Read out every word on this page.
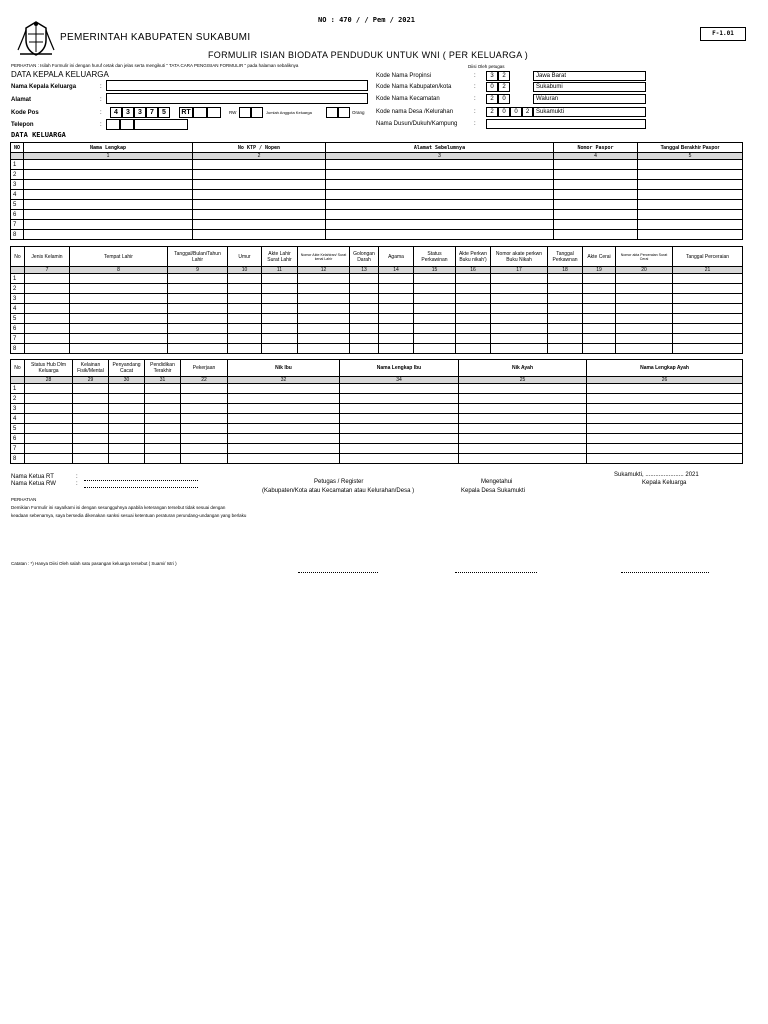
NO : 470 / / Pem / 2021
F-1.01
PEMERINTAH KABUPATEN SUKABUMI
FORMULIR ISIAN BIODATA PENDUDUK UNTUK WNI ( PER KELUARGA )
PERHATIAN : Isilah Formulir ini dengan huruf cetak dan jelas serta mengikuti " TATA CARA PENGISIAN FORMULIR " pada halaman sebaliknya	Diisi Oleh petugas
DATA KEPALA KELUARGA
Nama Kepala Keluarga	:
Alamat	:
Kode Pos	:	4	3	3	7	5	RT	RW	Jumlah Anggota Keluarga	Orang
Telepon	:
Kode Nama Propinsi	:	3	2	Jawa Barat
Kode Nama Kabupaten/kota	:	0	2	Sukabumi
Kode Nama Kecamatan	:	2	0	Waluran
Kode nama Desa /Kelurahan	:	2	0	0	2	Sukamukti
Nama Dusun/Dukuh/Kampung	:
DATA KELUARGA
NO	Nama Lengkap	No KTP / Nopen	Alamat Sebelumnya	Nomor Paspor	Tanggal Berakhir Paspor
	1	2	3	4	5
1					
2					
3					
4					
5					
6					
7					
8					
No	Jenis Kelamin	Tempat Lahir	Tanggal/Bulan/Tahun Lahir	Umur	Akte Lahir Surat Lahir	Nomor Akte Kelahiran/ Surat kenal Lahir	Golongan Darah	Agama	Status Perkawinan	Akte Perkwn Buku nikah')	Nomor akate perkwn Buku Nikah	Tanggal Perkawnan	Akte Cerai	Nomor akta Perceraian Surat Cerai	Tanggal Perceraian
	7	8	9	10	11	12	13	14	15	16	17	18	19	20	21
1	

2	

3	

4	

5	

6	

7	

8	

No	Status Hub Dlm Keluarga	Kelainan Fisik/Mental	Penyandang Cacat	Pendidikan Terakhir	Pekerjaan	Nik Ibu	Nama Lengkap Ibu	Nik Ayah	Nama Lengkap Ayah
	28	29	30	31	22	32	34	25	26
1	

2	

3	

4	

5	

6	

7	

8	

Nama Ketua RT	:
Nama Ketua RW	:	Petugas / Register
(Kabupaten/Kota atau Kecamatan atau Kelurahan/Desa )
Mengetahui
Kepala Desa Sukamukti
Sukamukti, ....................... 2021
Kepala Keluarga
PERHATIAN
Demikian Formulir ini saya/kami isi dengan sesungguhnya apabila keterangan tersebut tidak sesuai dengan
keadaan sebenarnya, saya bersedia dikenakan sanksi sesuai ketentuan peraturan perundang-undangan yang berlaku
Catatan : *) Hanya Diisi Oleh salah satu pasangan keluarga tersebut ( Suami/ Istri )
